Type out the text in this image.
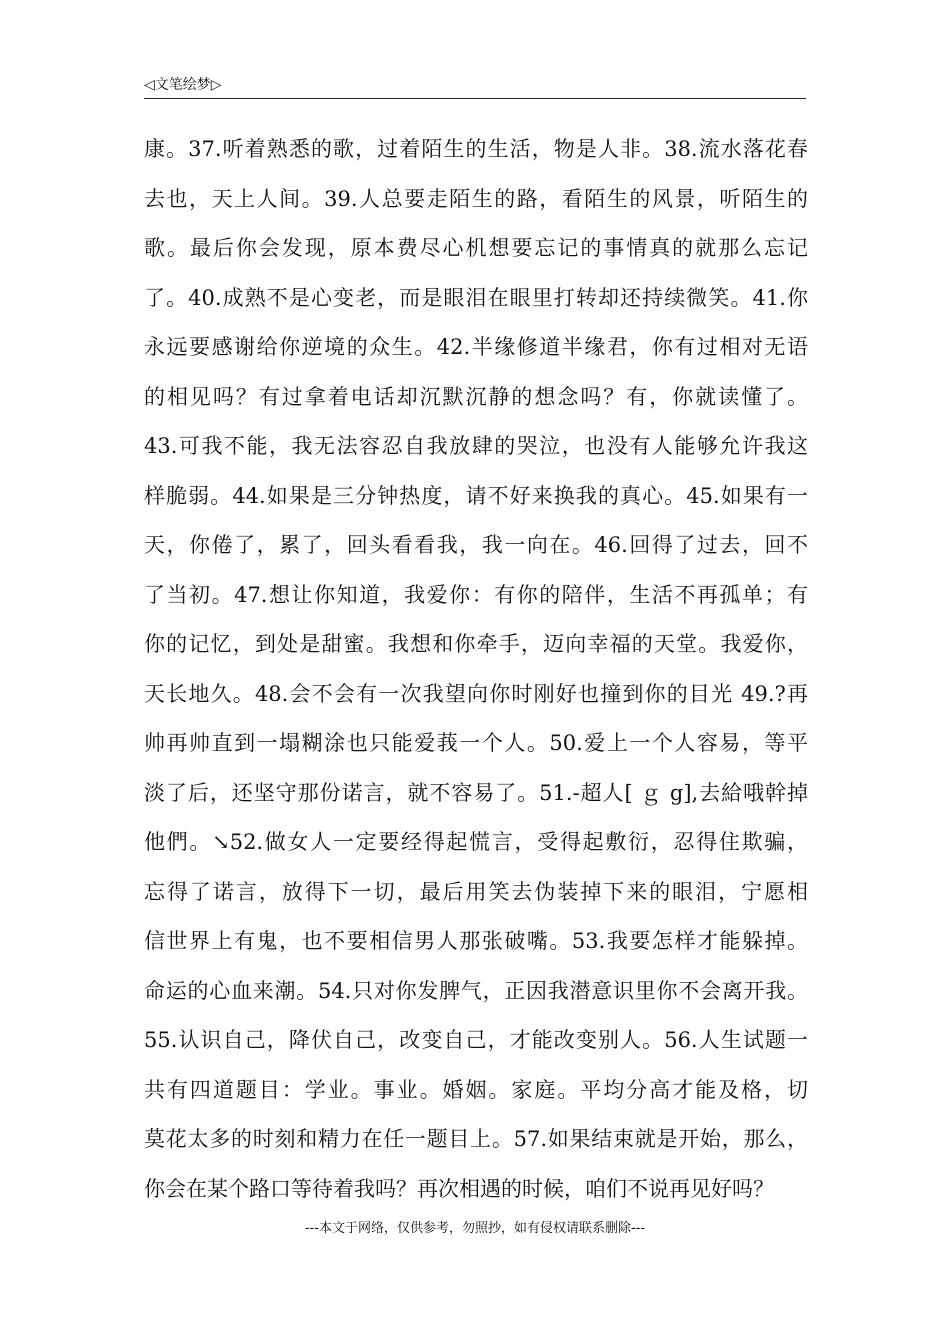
◁文笔绘梦▷
康。37.听着熟悉的歌，过着陌生的生活，物是人非。38.流水落花春
去也，天上人间。39.人总要走陌生的路，看陌生的风景，听陌生的
歌。最后你会发现，原本费尽心机想要忘记的事情真的就那么忘记
了。40.成熟不是心变老，而是眼泪在眼里打转却还持续微笑。41.你
永远要感谢给你逆境的众生。42.半缘修道半缘君，你有过相对无语
的相见吗？有过拿着电话却沉默沉静的想念吗？有，你就读懂了。
43.可我不能，我无法容忍自我放肆的哭泣，也没有人能够允许我这
样脆弱。44.如果是三分钟热度，请不好来换我的真心。45.如果有一
天，你倦了，累了，回头看看我，我一向在。46.回得了过去，回不
了当初。47.想让你知道，我爱你：有你的陪伴，生活不再孤单；有
你的记忆，到处是甜蜜。我想和你牵手，迈向幸福的天堂。我爱你，
天长地久。48.会不会有一次我望向你时刚好也撞到你的目光 49.?再
帅再帅直到一塌糊涂也只能爱莪一个人。50.爱上一个人容易，等平
淡了后，还坚守那份诺言，就不容易了。51.-超人[ ｇ g],去給哦幹掉
他們。↘52.做女人一定要经得起慌言，受得起敷衍，忍得住欺骗，
忘得了诺言，放得下一切，最后用笑去伪装掉下来的眼泪，宁愿相
信世界上有鬼，也不要相信男人那张破嘴。53.我要怎样才能躲掉。
命运的心血来潮。54.只对你发脾气，正因我潜意识里你不会离开我。
55.认识自己，降伏自己，改变自己，才能改变别人。56.人生试题一
共有四道题目：学业。事业。婚姻。家庭。平均分高才能及格，切
莫花太多的时刻和精力在任一题目上。57.如果结束就是开始，那么，
你会在某个路口等待着我吗？再次相遇的时候，咱们不说再见好吗？
---本文于网络，仅供参考，勿照抄，如有侵权请联系删除---
